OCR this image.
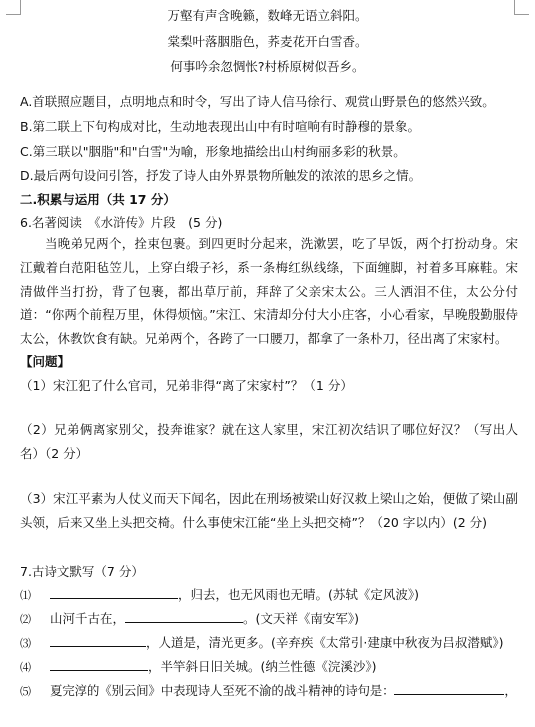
万壑有声含晚籁，数峰无语立斜阳。
棠梨叶落胭脂色，荞麦花开白雪香。
何事吟余忽惆怅?村桥原树似吾乡。
A.首联照应题目，点明地点和时令，写出了诗人信马徐行、观赏山野景色的悠然兴致。
B.第二联上下句构成对比，生动地表现出山中有时喧响有时静穆的景象。
C.第三联以"胭脂"和"白雪"为喻，形象地描绘出山村绚丽多彩的秋景。
D.最后两句设问引答，抒发了诗人由外界景物所触发的浓浓的思乡之情。
二.积累与运用（共 17 分）
6.名著阅读　《水浒传》片段　(5 分)
当晚弟兄两个，拴束包裹。到四更时分起来，洗漱罢，吃了早饭，两个打扮动身。宋江戴着白范阳毡笠儿，上穿白缎子衫，系一条梅红纵线绦，下面缠脚，衬着多耳麻鞋。宋清做伴当打扮，背了包裹，都出草厅前，拜辞了父亲宋太公。三人洒泪不住，太公分付道：“你两个前程万里，休得烦恼。”宋江、宋清却分付大小庄客，小心看家，早晚殷勤服侍太公，休教饮食有缺。兄弟两个，各跨了一口腰刀，都拿了一条朴刀，径出离了宋家村。
【问题】
（1）宋江犯了什么官司，兄弟非得“离了宋家村”？（1 分）
（2）兄弟俩离家别父，投奔谁家？就在这人家里，宋江初次结识了哪位好汉？（写出人名）（2 分）
（3）宋江平素为人仗义而天下闻名，因此在刑场被梁山好汉救上梁山之始，便做了梁山副头领，后来又坐上头把交椅。什么事使宋江能“坐上头把交椅”？（20 字以内）(2 分)
7.古诗文默写（7 分）
⑴	，归去，也无风雨也无晴。(苏轼《定风波》)
⑵ 山河千古在，	。(文天祥《南安军》)
⑶	，人道是，清光更多。(辛弃疾《太常引·建康中秋夜为吕叔潜赋》)
⑷	，半竿斜日旧关城。(纳兰性德《浣溪沙》)
⑸ 夏完淳的《别云间》中表现诗人至死不渝的战斗精神的诗句是：	，
